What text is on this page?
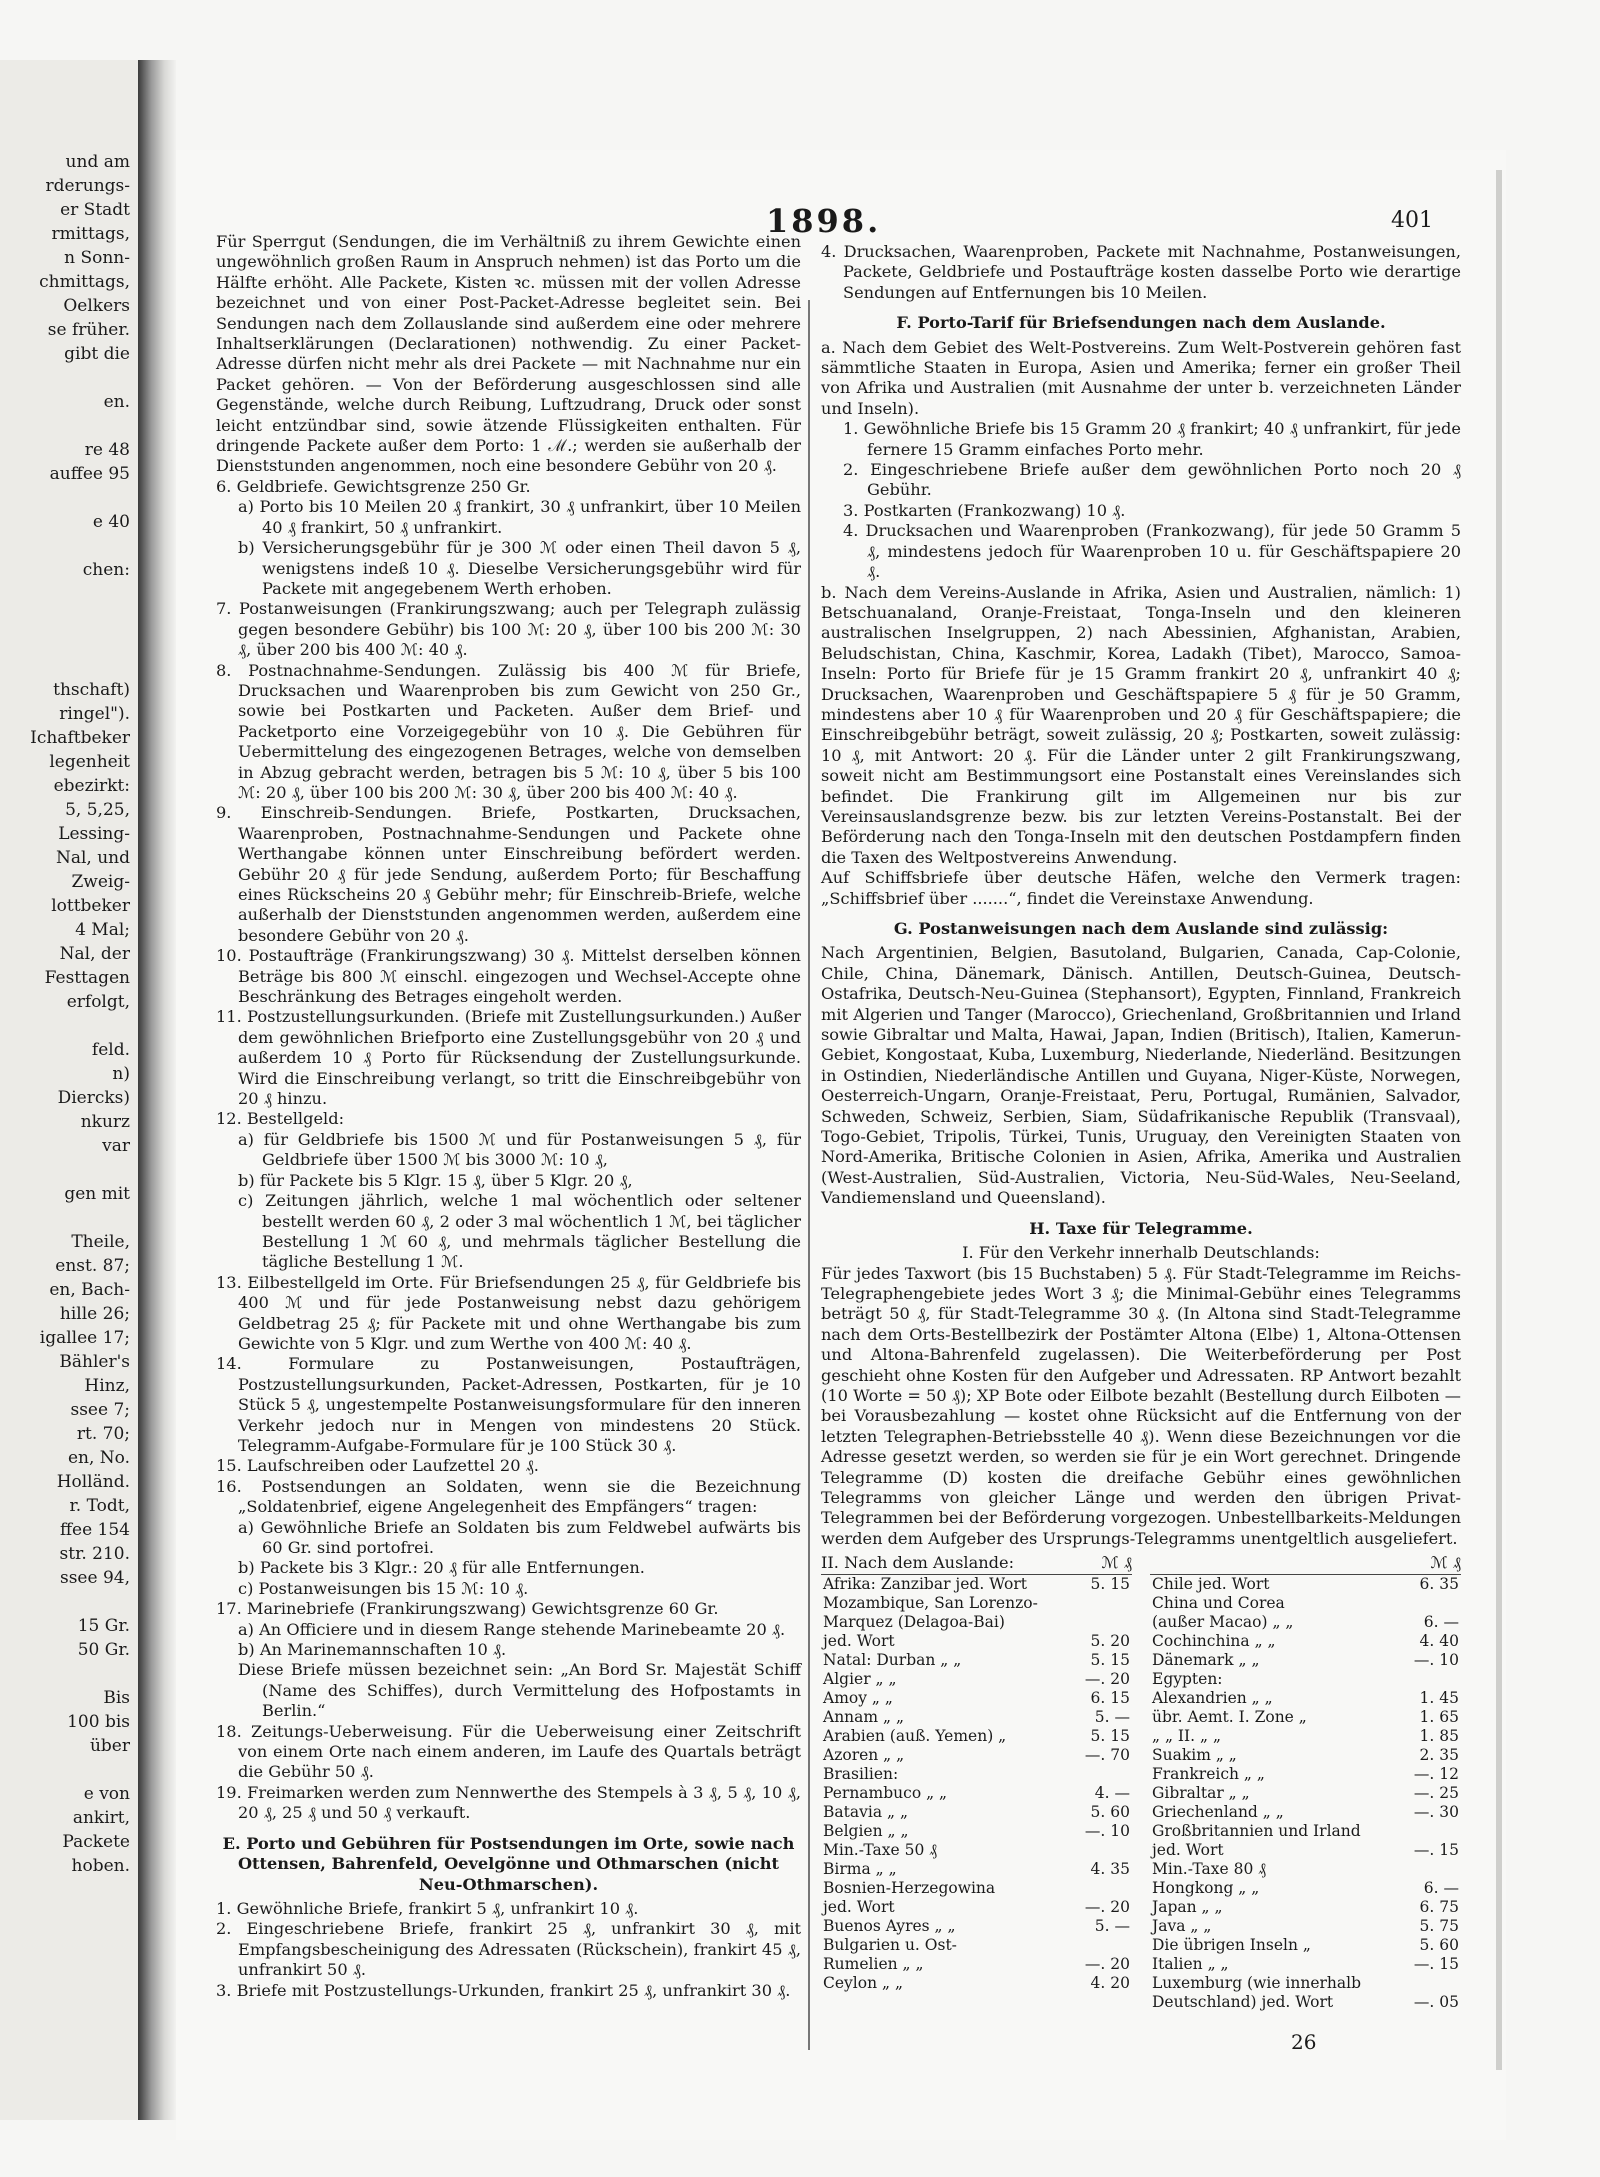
und am
rderungs-
er Stadt
rmittags,
n Sonn-
chmittags,
Oelkers
se früher.
gibt die

en.

re 48
auffee 95

e 40

chen:

thschaft)
ringel").
Ichaftbeker
legenheit
ebezirkt:
5, 5,25,
Lessing-
Nal, und
Zweig-
lottbeker
4 Mal;
Nal, der
Festtagen
erfolgt,

feld.
n)
Diercks)
nkurz
var

gen mit

Theile,
enst. 87;
en, Bach-
hille 26;
igallee 17;
Bähler's
Hinz,
ssee 7;
rt. 70;
en, No.
Holländ.
r. Todt,
ffee 154
str. 210.
ssee 94,

15 Gr.
50 Gr.

Bis
100 bis
über

e von
ankirt,
Packete
hoben.
1898.	401

Für Sperrgut (Sendungen, die im Verhältniß zu ihrem Gewichte einen ungewöhnlich großen Raum in Anspruch nehmen) ist das Porto um die Hälfte erhöht. Alle Packete, Kisten ꝛc. müssen mit der vollen Adresse bezeichnet und von einer Post-Packet-Adresse begleitet sein. Bei Sendungen nach dem Zollauslande sind außerdem eine oder mehrere Inhaltserklärungen (Declarationen) nothwendig. Zu einer Packet-Adresse dürfen nicht mehr als drei Packete — mit Nachnahme nur ein Packet gehören. — Von der Beförderung ausgeschlossen sind alle Gegenstände, welche durch Reibung, Luftzudrang, Druck oder sonst leicht entzündbar sind, sowie ätzende Flüssigkeiten enthalten. Für dringende Packete außer dem Porto: 1 ℳ.; werden sie außerhalb der Dienststunden angenommen, noch eine besondere Gebühr von 20 ₰.

6. Geldbriefe. Gewichtsgrenze 250 Gr.

a) Porto bis 10 Meilen 20 ₰ frankirt, 30 ₰ unfrankirt, über 10 Meilen 40 ₰ frankirt, 50 ₰ unfrankirt.

b) Versicherungsgebühr für je 300 ℳ oder einen Theil davon 5 ₰, wenigstens indeß 10 ₰. Dieselbe Versicherungsgebühr wird für Packete mit angegebenem Werth erhoben.

7. Postanweisungen (Frankirungszwang; auch per Telegraph zulässig gegen besondere Gebühr) bis 100 ℳ: 20 ₰, über 100 bis 200 ℳ: 30 ₰, über 200 bis 400 ℳ: 40 ₰.

8. Postnachnahme-Sendungen. Zulässig bis 400 ℳ für Briefe, Drucksachen und Waarenproben bis zum Gewicht von 250 Gr., sowie bei Postkarten und Packeten. Außer dem Brief- und Packetporto eine Vorzeigegebühr von 10 ₰. Die Gebühren für Uebermittelung des eingezogenen Betrages, welche von demselben in Abzug gebracht werden, betragen bis 5 ℳ: 10 ₰, über 5 bis 100 ℳ: 20 ₰, über 100 bis 200 ℳ: 30 ₰, über 200 bis 400 ℳ: 40 ₰.

9. Einschreib-Sendungen. Briefe, Postkarten, Drucksachen, Waarenproben, Postnachnahme-Sendungen und Packete ohne Werthangabe können unter Einschreibung befördert werden. Gebühr 20 ₰ für jede Sendung, außerdem Porto; für Beschaffung eines Rückscheins 20 ₰ Gebühr mehr; für Einschreib-Briefe, welche außerhalb der Dienststunden angenommen werden, außerdem eine besondere Gebühr von 20 ₰.

10. Postaufträge (Frankirungszwang) 30 ₰. Mittelst derselben können Beträge bis 800 ℳ einschl. eingezogen und Wechsel-Accepte ohne Beschränkung des Betrages eingeholt werden.

11. Postzustellungsurkunden. (Briefe mit Zustellungsurkunden.) Außer dem gewöhnlichen Briefporto eine Zustellungsgebühr von 20 ₰ und außerdem 10 ₰ Porto für Rücksendung der Zustellungsurkunde. Wird die Einschreibung verlangt, so tritt die Einschreibgebühr von 20 ₰ hinzu.

12. Bestellgeld:

a) für Geldbriefe bis 1500 ℳ und für Postanweisungen 5 ₰, für Geldbriefe über 1500 ℳ bis 3000 ℳ: 10 ₰,

b) für Packete bis 5 Klgr. 15 ₰, über 5 Klgr. 20 ₰,

c) Zeitungen jährlich, welche 1 mal wöchentlich oder seltener bestellt werden 60 ₰, 2 oder 3 mal wöchentlich 1 ℳ, bei täglicher Bestellung 1 ℳ 60 ₰, und mehrmals täglicher Bestellung die tägliche Bestellung 1 ℳ.

13. Eilbestellgeld im Orte. Für Briefsendungen 25 ₰, für Geldbriefe bis 400 ℳ und für jede Postanweisung nebst dazu gehörigem Geldbetrag 25 ₰; für Packete mit und ohne Werthangabe bis zum Gewichte von 5 Klgr. und zum Werthe von 400 ℳ: 40 ₰.

14. Formulare zu Postanweisungen, Postaufträgen, Postzustellungsurkunden, Packet-Adressen, Postkarten, für je 10 Stück 5 ₰, ungestempelte Postanweisungsformulare für den inneren Verkehr jedoch nur in Mengen von mindestens 20 Stück. Telegramm-Aufgabe-Formulare für je 100 Stück 30 ₰.

15. Laufschreiben oder Laufzettel 20 ₰.

16. Postsendungen an Soldaten, wenn sie die Bezeichnung „Soldatenbrief, eigene Angelegenheit des Empfängers“ tragen:

a) Gewöhnliche Briefe an Soldaten bis zum Feldwebel aufwärts bis 60 Gr. sind portofrei.

b) Packete bis 3 Klgr.: 20 ₰ für alle Entfernungen.

c) Postanweisungen bis 15 ℳ: 10 ₰.

17. Marinebriefe (Frankirungszwang) Gewichtsgrenze 60 Gr.

a) An Officiere und in diesem Range stehende Marinebeamte 20 ₰.

b) An Marinemannschaften 10 ₰.

Diese Briefe müssen bezeichnet sein: „An Bord Sr. Majestät Schiff (Name des Schiffes), durch Vermittelung des Hofpostamts in Berlin.“

18. Zeitungs-Ueberweisung. Für die Ueberweisung einer Zeitschrift von einem Orte nach einem anderen, im Laufe des Quartals beträgt die Gebühr 50 ₰.

19. Freimarken werden zum Nennwerthe des Stempels à 3 ₰, 5 ₰, 10 ₰, 20 ₰, 25 ₰ und 50 ₰ verkauft.

E. Porto und Gebühren für Postsendungen im Orte, sowie nach Ottensen, Bahrenfeld, Oevelgönne und Othmarschen (nicht Neu-Othmarschen).

1. Gewöhnliche Briefe, frankirt 5 ₰, unfrankirt 10 ₰.

2. Eingeschriebene Briefe, frankirt 25 ₰, unfrankirt 30 ₰, mit Empfangsbescheinigung des Adressaten (Rückschein), frankirt 45 ₰, unfrankirt 50 ₰.

3. Briefe mit Postzustellungs-Urkunden, frankirt 25 ₰, unfrankirt 30 ₰.

4. Drucksachen, Waarenproben, Packete mit Nachnahme, Postanweisungen, Packete, Geldbriefe und Postaufträge kosten dasselbe Porto wie derartige Sendungen auf Entfernungen bis 10 Meilen.

F. Porto-Tarif für Briefsendungen nach dem Auslande.

a. Nach dem Gebiet des Welt-Postvereins. Zum Welt-Postverein gehören fast sämmtliche Staaten in Europa, Asien und Amerika; ferner ein großer Theil von Afrika und Australien (mit Ausnahme der unter b. verzeichneten Länder und Inseln).

1. Gewöhnliche Briefe bis 15 Gramm 20 ₰ frankirt; 40 ₰ unfrankirt, für jede fernere 15 Gramm einfaches Porto mehr.

2. Eingeschriebene Briefe außer dem gewöhnlichen Porto noch 20 ₰ Gebühr.

3. Postkarten (Frankozwang) 10 ₰.

4. Drucksachen und Waarenproben (Frankozwang), für jede 50 Gramm 5 ₰, mindestens jedoch für Waarenproben 10 u. für Geschäftspapiere 20 ₰.

b. Nach dem Vereins-Auslande in Afrika, Asien und Australien, nämlich: 1) Betschuanaland, Oranje-Freistaat, Tonga-Inseln und den kleineren australischen Inselgruppen, 2) nach Abessinien, Afghanistan, Arabien, Beludschistan, China, Kaschmir, Korea, Ladakh (Tibet), Marocco, Samoa-Inseln: Porto für Briefe für je 15 Gramm frankirt 20 ₰, unfrankirt 40 ₰; Drucksachen, Waarenproben und Geschäftspapiere 5 ₰ für je 50 Gramm, mindestens aber 10 ₰ für Waarenproben und 20 ₰ für Geschäftspapiere; die Einschreibgebühr beträgt, soweit zulässig, 20 ₰; Postkarten, soweit zulässig: 10 ₰, mit Antwort: 20 ₰. Für die Länder unter 2 gilt Frankirungszwang, soweit nicht am Bestimmungsort eine Postanstalt eines Vereinslandes sich befindet. Die Frankirung gilt im Allgemeinen nur bis zur Vereinsauslandsgrenze bezw. bis zur letzten Vereins-Postanstalt. Bei der Beförderung nach den Tonga-Inseln mit den deutschen Postdampfern finden die Taxen des Weltpostvereins Anwendung.

Auf Schiffsbriefe über deutsche Häfen, welche den Vermerk tragen: „Schiffsbrief über .......“, findet die Vereinstaxe Anwendung.

G. Postanweisungen nach dem Auslande sind zulässig:

Nach Argentinien, Belgien, Basutoland, Bulgarien, Canada, Cap-Colonie, Chile, China, Dänemark, Dänisch. Antillen, Deutsch-Guinea, Deutsch-Ostafrika, Deutsch-Neu-Guinea (Stephansort), Egypten, Finnland, Frankreich mit Algerien und Tanger (Marocco), Griechenland, Großbritannien und Irland sowie Gibraltar und Malta, Hawai, Japan, Indien (Britisch), Italien, Kamerun-Gebiet, Kongostaat, Kuba, Luxemburg, Niederlande, Niederländ. Besitzungen in Ostindien, Niederländische Antillen und Guyana, Niger-Küste, Norwegen, Oesterreich-Ungarn, Oranje-Freistaat, Peru, Portugal, Rumänien, Salvador, Schweden, Schweiz, Serbien, Siam, Südafrikanische Republik (Transvaal), Togo-Gebiet, Tripolis, Türkei, Tunis, Uruguay, den Vereinigten Staaten von Nord-Amerika, Britische Colonien in Asien, Afrika, Amerika und Australien (West-Australien, Süd-Australien, Victoria, Neu-Süd-Wales, Neu-Seeland, Vandiemensland und Queensland).

H. Taxe für Telegramme.

I. Für den Verkehr innerhalb Deutschlands:

Für jedes Taxwort (bis 15 Buchstaben) 5 ₰. Für Stadt-Telegramme im Reichs-Telegraphengebiete jedes Wort 3 ₰; die Minimal-Gebühr eines Telegramms beträgt 50 ₰, für Stadt-Telegramme 30 ₰. (In Altona sind Stadt-Telegramme nach dem Orts-Bestellbezirk der Postämter Altona (Elbe) 1, Altona-Ottensen und Altona-Bahrenfeld zugelassen). Die Weiterbeförderung per Post geschieht ohne Kosten für den Aufgeber und Adressaten. RP Antwort bezahlt (10 Worte = 50 ₰); XP Bote oder Eilbote bezahlt (Bestellung durch Eilboten — bei Vorausbezahlung — kostet ohne Rücksicht auf die Entfernung von der letzten Telegraphen-Betriebsstelle 40 ₰). Wenn diese Bezeichnungen vor die Adresse gesetzt werden, so werden sie für je ein Wort gerechnet. Dringende Telegramme (D) kosten die dreifache Gebühr eines gewöhnlichen Telegramms von gleicher Länge und werden den übrigen Privat-Telegrammen bei der Beförderung vorgezogen. Unbestellbarkeits-Meldungen werden dem Aufgeber des Ursprungs-Telegramms unentgeltlich ausgeliefert.

II. Nach dem Auslande:	ℳ ₰
Afrika: Zanzibar jed. Wort	5. 15
Mozambique, San Lorenzo-	
Marquez (Delagoa-Bai)	
jed. Wort	5. 20
Natal: Durban „ „	5. 15
Algier „ „	—. 20
Amoy „ „	6. 15
Annam „ „	5. —
Arabien (auß. Yemen) „	5. 15
Azoren „ „	—. 70
Brasilien:	
Pernambuco „ „	4. —
Batavia „ „	5. 60
Belgien „ „	—. 10
Min.-Taxe 50 ₰	
Birma „ „	4. 35
Bosnien-Herzegowina	
jed. Wort	—. 20
Buenos Ayres „ „	5. —
Bulgarien u. Ost-	
Rumelien „ „	—. 20
Ceylon „ „	4. 20
ℳ
₰
Chile jed. Wort	6. 35
China und Corea	
(außer Macao) „ „	6. —
Cochinchina „ „	4. 40
Dänemark „ „	—. 10
Egypten:	
Alexandrien „ „	1. 45
übr. Aemt. I. Zone „	1. 65
„ „ II. „ „	1. 85
Suakim „ „	2. 35
Frankreich „ „	—. 12
Gibraltar „ „	—. 25
Griechenland „ „	—. 30
Großbritannien und Irland	
jed. Wort	—. 15
Min.-Taxe 80 ₰	
Hongkong „ „	6. —
Japan „ „	6. 75
Java „ „	5. 75
Die übrigen Inseln „	5. 60
Italien „ „	—. 15
Luxemburg (wie innerhalb	
Deutschland) jed. Wort	—. 05
26
